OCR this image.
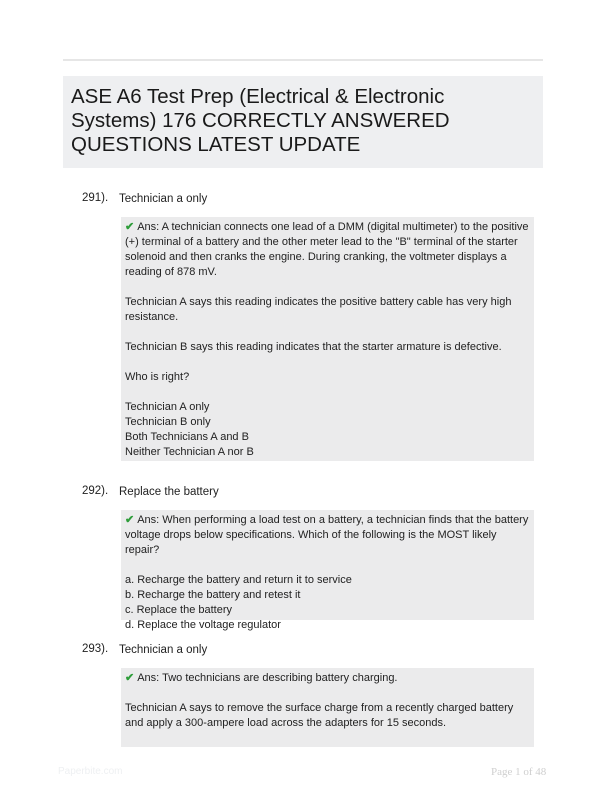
ASE A6 Test Prep (Electrical & Electronic Systems) 176 CORRECTLY ANSWERED QUESTIONS LATEST UPDATE
291). Technician a only

✔ Ans: A technician connects one lead of a DMM (digital multimeter) to the positive (+) terminal of a battery and the other meter lead to the "B" terminal of the starter solenoid and then cranks the engine. During cranking, the voltmeter displays a reading of 878 mV.

Technician A says this reading indicates the positive battery cable has very high resistance.

Technician B says this reading indicates that the starter armature is defective.

Who is right?

Technician A only

Technician B only

Both Technicians A and B

Neither Technician A nor B

292). Replace the battery

✔ Ans: When performing a load test on a battery, a technician finds that the battery voltage drops below specifications. Which of the following is the MOST likely repair?

a. Recharge the battery and return it to service

b. Recharge the battery and retest it

c. Replace the battery

d. Replace the voltage regulator

293). Technician a only

✔ Ans: Two technicians are describing battery charging.

Technician A says to remove the surface charge from a recently charged battery and apply a 300-ampere load across the adapters for 15 seconds.

Paperbite.com	Page 1 of 48
